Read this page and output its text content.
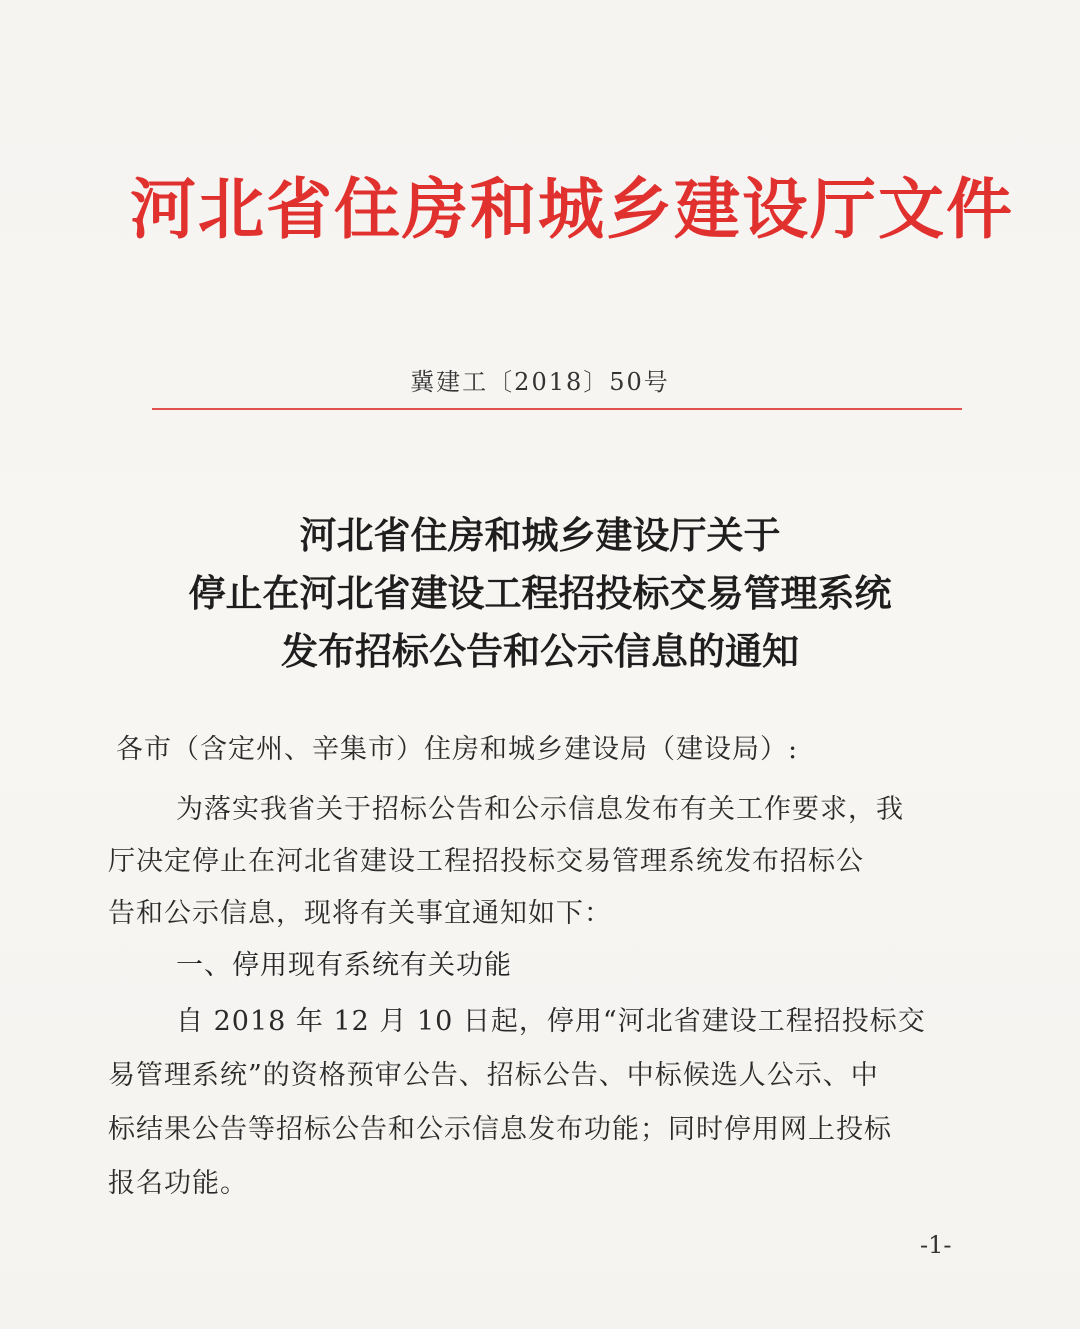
河北省住房和城乡建设厅文件
冀建工〔2018〕50号
河北省住房和城乡建设厅关于
停止在河北省建设工程招投标交易管理系统
发布招标公告和公示信息的通知
各市（含定州、辛集市）住房和城乡建设局（建设局）:
为落实我省关于招标公告和公示信息发布有关工作要求，我
厅决定停止在河北省建设工程招投标交易管理系统发布招标公
告和公示信息，现将有关事宜通知如下：
一、停用现有系统有关功能
自 2018 年 12 月 10 日起，停用“河北省建设工程招投标交
易管理系统”的资格预审公告、招标公告、中标候选人公示、中
标结果公告等招标公告和公示信息发布功能；同时停用网上投标
报名功能。
-1-
